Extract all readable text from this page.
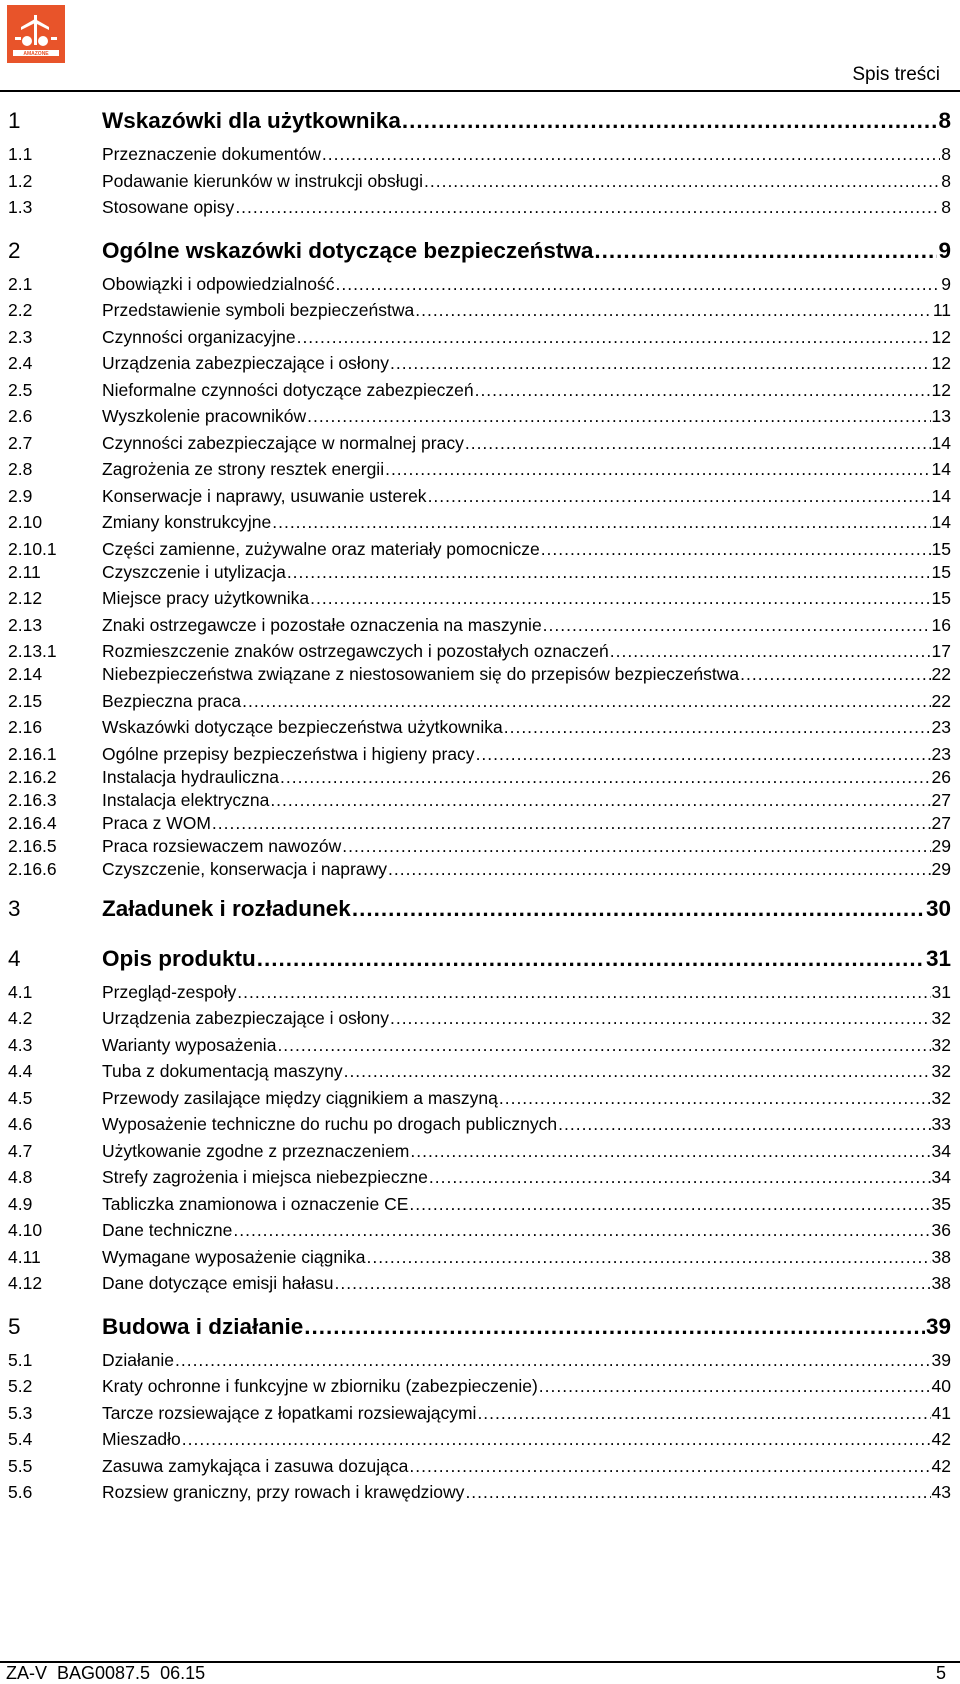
AMAZONE
Spis treści
1	Wskazówki dla użytkownika .....	8
1.1	Przeznaczenie dokumentów .....	8
1.2	Podawanie kierunków w instrukcji obsługi .....	8
1.3	Stosowane opisy .....	8
2	Ogólne wskazówki dotyczące bezpieczeństwa .....	9
2.1	Obowiązki i odpowiedzialność .....	9
2.2	Przedstawienie symboli bezpieczeństwa .....	11
2.3	Czynności organizacyjne .....	12
2.4	Urządzenia zabezpieczające i osłony .....	12
2.5	Nieformalne czynności dotyczące zabezpieczeń .....	12
2.6	Wyszkolenie pracowników .....	13
2.7	Czynności zabezpieczające w normalnej pracy .....	14
2.8	Zagrożenia ze strony resztek energii .....	14
2.9	Konserwacje i naprawy, usuwanie usterek .....	14
2.10	Zmiany konstrukcyjne .....	14
2.10.1	Części zamienne, zużywalne oraz materiały pomocnicze .....	15
2.11	Czyszczenie i utylizacja .....	15
2.12	Miejsce pracy użytkownika .....	15
2.13	Znaki ostrzegawcze i pozostałe oznaczenia na maszynie .....	16
2.13.1	Rozmieszczenie znaków ostrzegawczych i pozostałych oznaczeń .....	17
2.14	Niebezpieczeństwa związane z niestosowaniem się do przepisów bezpieczeństwa .....	22
2.15	Bezpieczna praca .....	22
2.16	Wskazówki dotyczące bezpieczeństwa użytkownika .....	23
2.16.1	Ogólne przepisy bezpieczeństwa i higieny pracy .....	23
2.16.2	Instalacja hydrauliczna .....	26
2.16.3	Instalacja elektryczna .....	27
2.16.4	Praca z WOM .....	27
2.16.5	Praca rozsiewaczem nawozów .....	29
2.16.6	Czyszczenie, konserwacja i naprawy .....	29
3	Załadunek i rozładunek .....	30
4	Opis produktu .....	31
4.1	Przegląd-zespoły .....	31
4.2	Urządzenia zabezpieczające i osłony .....	32
4.3	Warianty wyposażenia .....	32
4.4	Tuba z dokumentacją maszyny .....	32
4.5	Przewody zasilające między ciągnikiem a maszyną .....	32
4.6	Wyposażenie techniczne do ruchu po drogach publicznych .....	33
4.7	Użytkowanie zgodne z przeznaczeniem .....	34
4.8	Strefy zagrożenia i miejsca niebezpieczne .....	34
4.9	Tabliczka znamionowa i oznaczenie CE .....	35
4.10	Dane techniczne .....	36
4.11	Wymagane wyposażenie ciągnika .....	38
4.12	Dane dotyczące emisji hałasu .....	38
5	Budowa i działanie .....	39
5.1	Działanie .....	39
5.2	Kraty ochronne i funkcyjne w zbiorniku (zabezpieczenie) .....	40
5.3	Tarcze rozsiewające z łopatkami rozsiewającymi .....	41
5.4	Mieszadło .....	42
5.5	Zasuwa zamykająca i zasuwa dozująca .....	42
5.6	Rozsiew graniczny, przy rowach i krawędziowy .....	43
ZA-V  BAG0087.5  06.15	5
